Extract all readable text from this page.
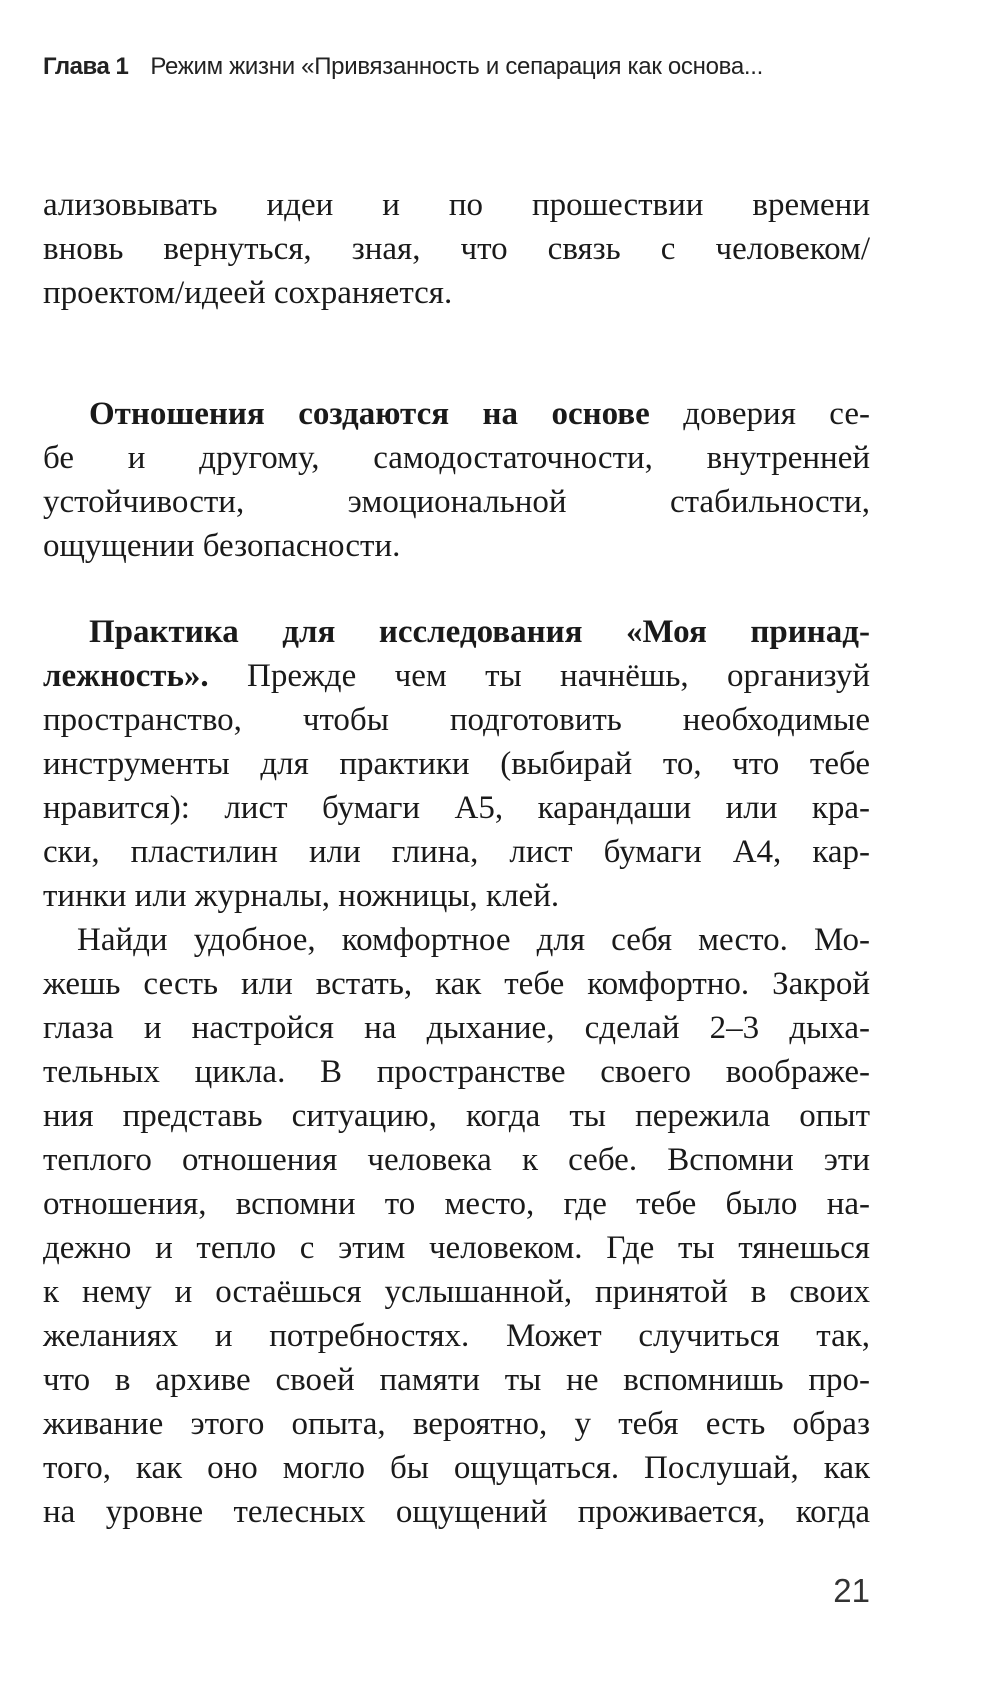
Глава 1 Режим жизни «Привязанность и сепарация как основа...
ализовывать идеи и по прошествии времени
вновь вернуться, зная, что связь с человеком/
проектом/идеей сохраняется.
Отношения создаются на основе доверия се-
бе и другому, самодостаточности, внутренней
устойчивости, эмоциональной стабильности,
ощущении безопасности.
Практика для исследования «Моя принад-
лежность». Прежде чем ты начнёшь, организуй
пространство, чтобы подготовить необходимые
инструменты для практики (выбирай то, что тебе
нравится): лист бумаги А5, карандаши или кра-
ски, пластилин или глина, лист бумаги А4, кар-
тинки или журналы, ножницы, клей.
Найди удобное, комфортное для себя место. Мо-
жешь сесть или встать, как тебе комфортно. Закрой
глаза и настройся на дыхание, сделай 2–3 дыха-
тельных цикла. В пространстве своего воображе-
ния представь ситуацию, когда ты пережила опыт
теплого отношения человека к себе. Вспомни эти
отношения, вспомни то место, где тебе было на-
дежно и тепло с этим человеком. Где ты тянешься
к нему и остаёшься услышанной, принятой в своих
желаниях и потребностях. Может случиться так,
что в архиве своей памяти ты не вспомнишь про-
живание этого опыта, вероятно, у тебя есть образ
того, как оно могло бы ощущаться. Послушай, как
на уровне телесных ощущений проживается, когда
21
